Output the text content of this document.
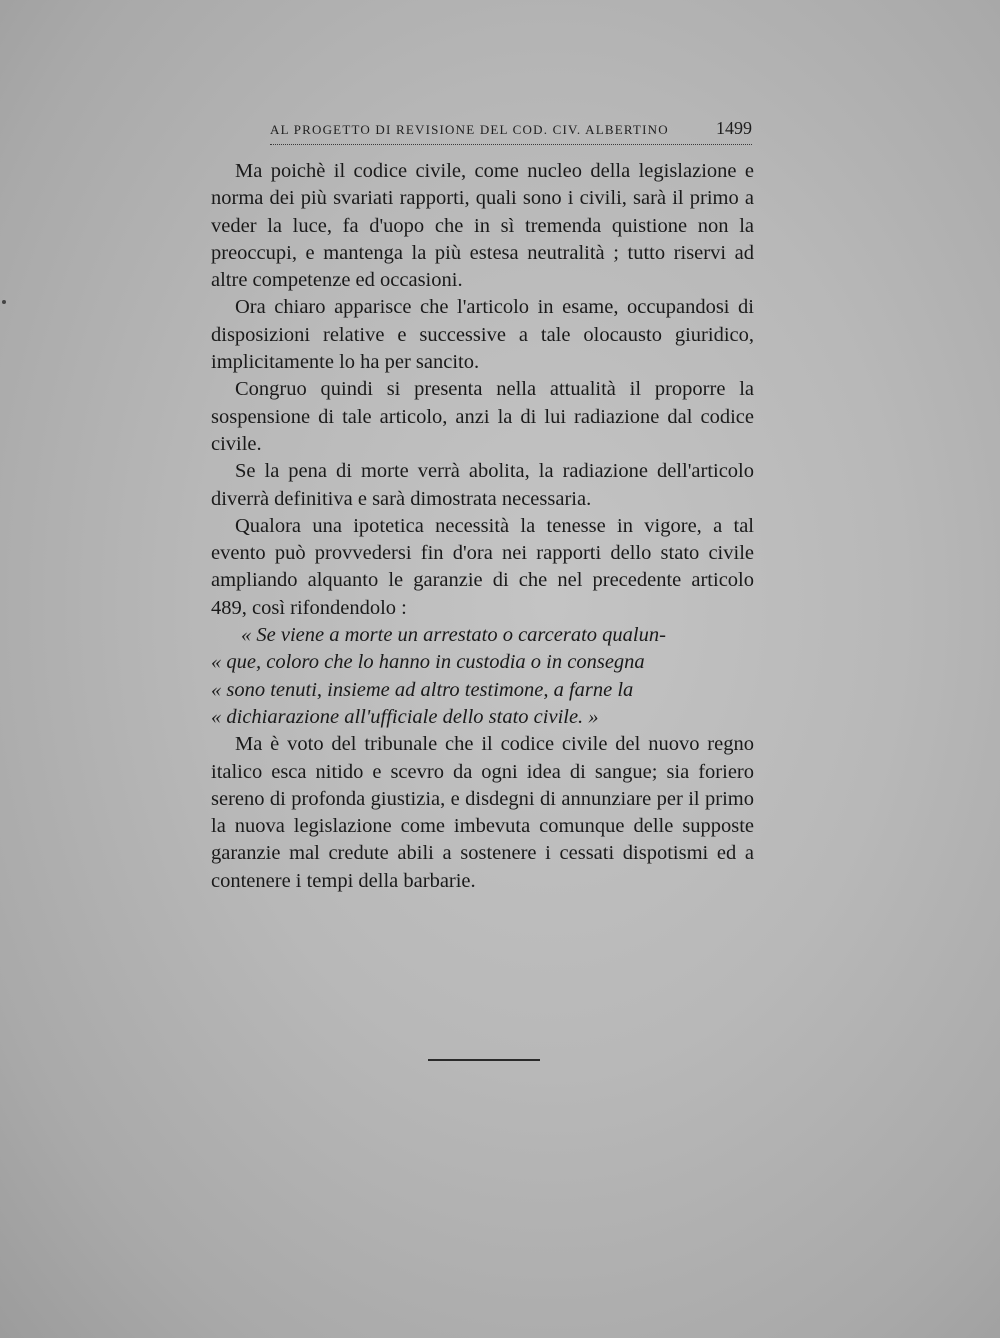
AL PROGETTO DI REVISIONE DEL COD. CIV. ALBERTINO	1499

Ma poichè il codice civile, come nucleo della legislazione e norma dei più svariati rapporti, quali sono i civili, sarà il primo a veder la luce, fa d'uopo che in sì tremenda quistione non la preoccupi, e mantenga la più estesa neutralità ; tutto riservi ad altre competenze ed occasioni.

Ora chiaro apparisce che l'articolo in esame, occupandosi di disposizioni relative e successive a tale olocausto giuridico, implicitamente lo ha per sancito.

Congruo quindi si presenta nella attualità il proporre la sospensione di tale articolo, anzi la di lui radiazione dal codice civile.

Se la pena di morte verrà abolita, la radiazione dell'articolo diverrà definitiva e sarà dimostrata necessaria.

Qualora una ipotetica necessità la tenesse in vigore, a tal evento può provvedersi fin d'ora nei rapporti dello stato civile ampliando alquanto le garanzie di che nel precedente articolo 489, così rifondendolo :

« Se viene a morte un arrestato o carcerato qualun-

« que, coloro che lo hanno in custodia o in consegna

« sono tenuti, insieme ad altro testimone, a farne la

« dichiarazione all'ufficiale dello stato civile. »

Ma è voto del tribunale che il codice civile del nuovo regno italico esca nitido e scevro da ogni idea di sangue; sia foriero sereno di profonda giustizia, e disdegni di annunziare per il primo la nuova legislazione come imbevuta comunque delle supposte garanzie mal credute abili a sostenere i cessati dispotismi ed a contenere i tempi della barbarie.
